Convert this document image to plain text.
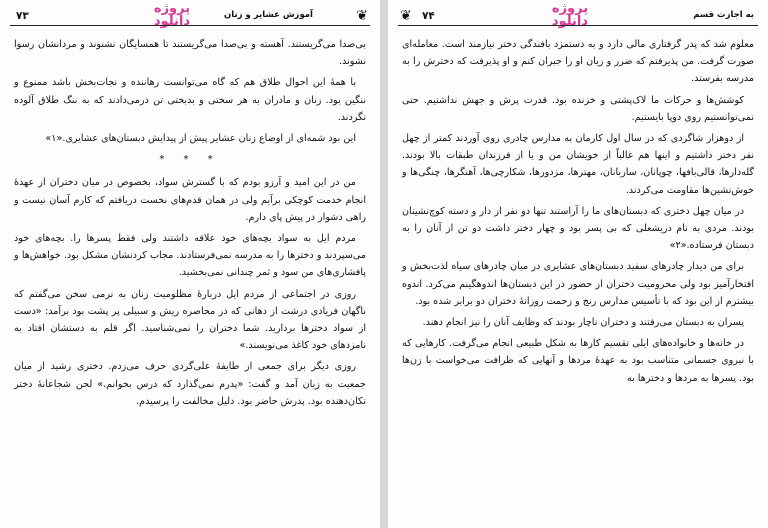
۷۳	پروژه
دانلود	آموزش عشایر و زنان	❦

بی‌صدا می‌گریستند. آهسته و بی‌صدا می‌گریستند تا همسایگان نشنوند و مردانشان رسوا نشوند.

با همهٔ این احوال طلاق هم که گاه می‌توانست رهاننده و نجات‌بخش باشد ممنوع و ننگین بود. زنان و مادران به هر سختی و بدبختی تن درمی‌دادند که به ننگ طلاق آلوده نگردند.

این بود شمه‌ای از اوضاع زنان عشایر پیش از پیدایش دبستان‌های عشایری.«۱»

* * *

من در این امید و آرزو بودم که با گسترش سواد، بخصوص در میان دختران از عهدهٔ انجام خدمت کوچکی برآیم ولی در همان قدم‌های نخست دریافتم که کارم آسان نیست و راهی دشوار در پیش پای دارم.

مردم ایل به سواد بچه‌های خود علاقه داشتند ولی فقط پسرها را. بچه‌های خود می‌سپردند و دخترها را به مدرسه نمی‌فرستادند. مجاب کردنشان مشکل بود. خواهش‌ها و پافشاری‌های من سود و ثمر چندانی نمی‌بخشید.

روزی در اجتماعی از مردم ایل دربارهٔ مظلومیت زنان به نرمی سخن می‌گفتم که ناگهان فریادی درشت از دهانی که در محاصره ریش و سبیلی پر پشت بود برآمد: «دست از سواد دخترها بردارید. شما دختران را نمی‌شناسید. اگر قلم به دستشان افتاد به نامزدهای خود کاغذ می‌نویسند.»

روزی دیگر برای جمعی از طایفهٔ علی‌گردی حرف می‌زدم. دختری رشید از میان جمعیت به زبان آمد و گفت: «پدرم نمی‌گذارد که درس بخوانم.» لحن شجاعانهٔ دختر تکان‌دهنده بود. پدرش حاضر بود. دلیل مخالفت را پرسیدم.

❦ ۷۴	پروژه
دانلود	به اجازت قسم

معلوم شد که پدر گرفتاری مالی دارد و به دستمزد بافندگی دختر نیازمند است. معامله‌ای صورت گرفت. من پذیرفتم که ضرر و زیان او را جبران کنم و او پذیرفت که دخترش را به مدرسه بفرستد.

کوشش‌ها و حرکات ما لاک‌پشتی و خزنده بود. قدرت پرش و جهش نداشتیم. حتی نمی‌توانستیم روی دوپا بایستیم.

از دوهزار شاگردی که در سال اول کارمان به مدارس چادری روی آوردند کمتر از چهل نفر دختر داشتیم و اینها هم غالباً از خویشان من و یا از فرزندان طبقات بالا بودند. گله‌دارها، قالی‌بافها، چوپانان، ساربانان، مهترها، مزدورها، شکارچی‌ها، آهنگرها، چنگی‌ها و خوش‌نشین‌ها مقاومت می‌کردند.

در میان چهل دختری که دبستان‌های ما را آراستند تنها دو نفر از دار و دسته کوچ‌نشینان بودند. مردی به نام دریشعلی که بی پسر بود و چهار دختر داشت دو تن از آنان را به دبستان فرستاده.«۲»

برای من دیدار چادرهای سفید دبستان‌های عشایری در میان چادرهای سیاه لذت‌بخش و افتخارآمیز بود ولی محرومیت دختران از حضور در این دبستان‌ها اندوهگینم می‌کرد. اندوه بیشترم از این بود که با تأسیس مدارس رنج و زحمت روزانهٔ دختران دو برابر شده بود.

پسران به دبستان می‌رفتند و دختران ناچار بودند که وظایف آنان را نیز انجام دهند.

در خانه‌ها و خانواده‌های ایلی تقسیم کارها به شکل طبیعی انجام می‌گرفت. کارهایی که با نیروی جسمانی متناسب بود به عهدهٔ مردها و آنهایی که ظرافت می‌خواست با زن‌ها بود. پسرها به مردها و دخترها به
